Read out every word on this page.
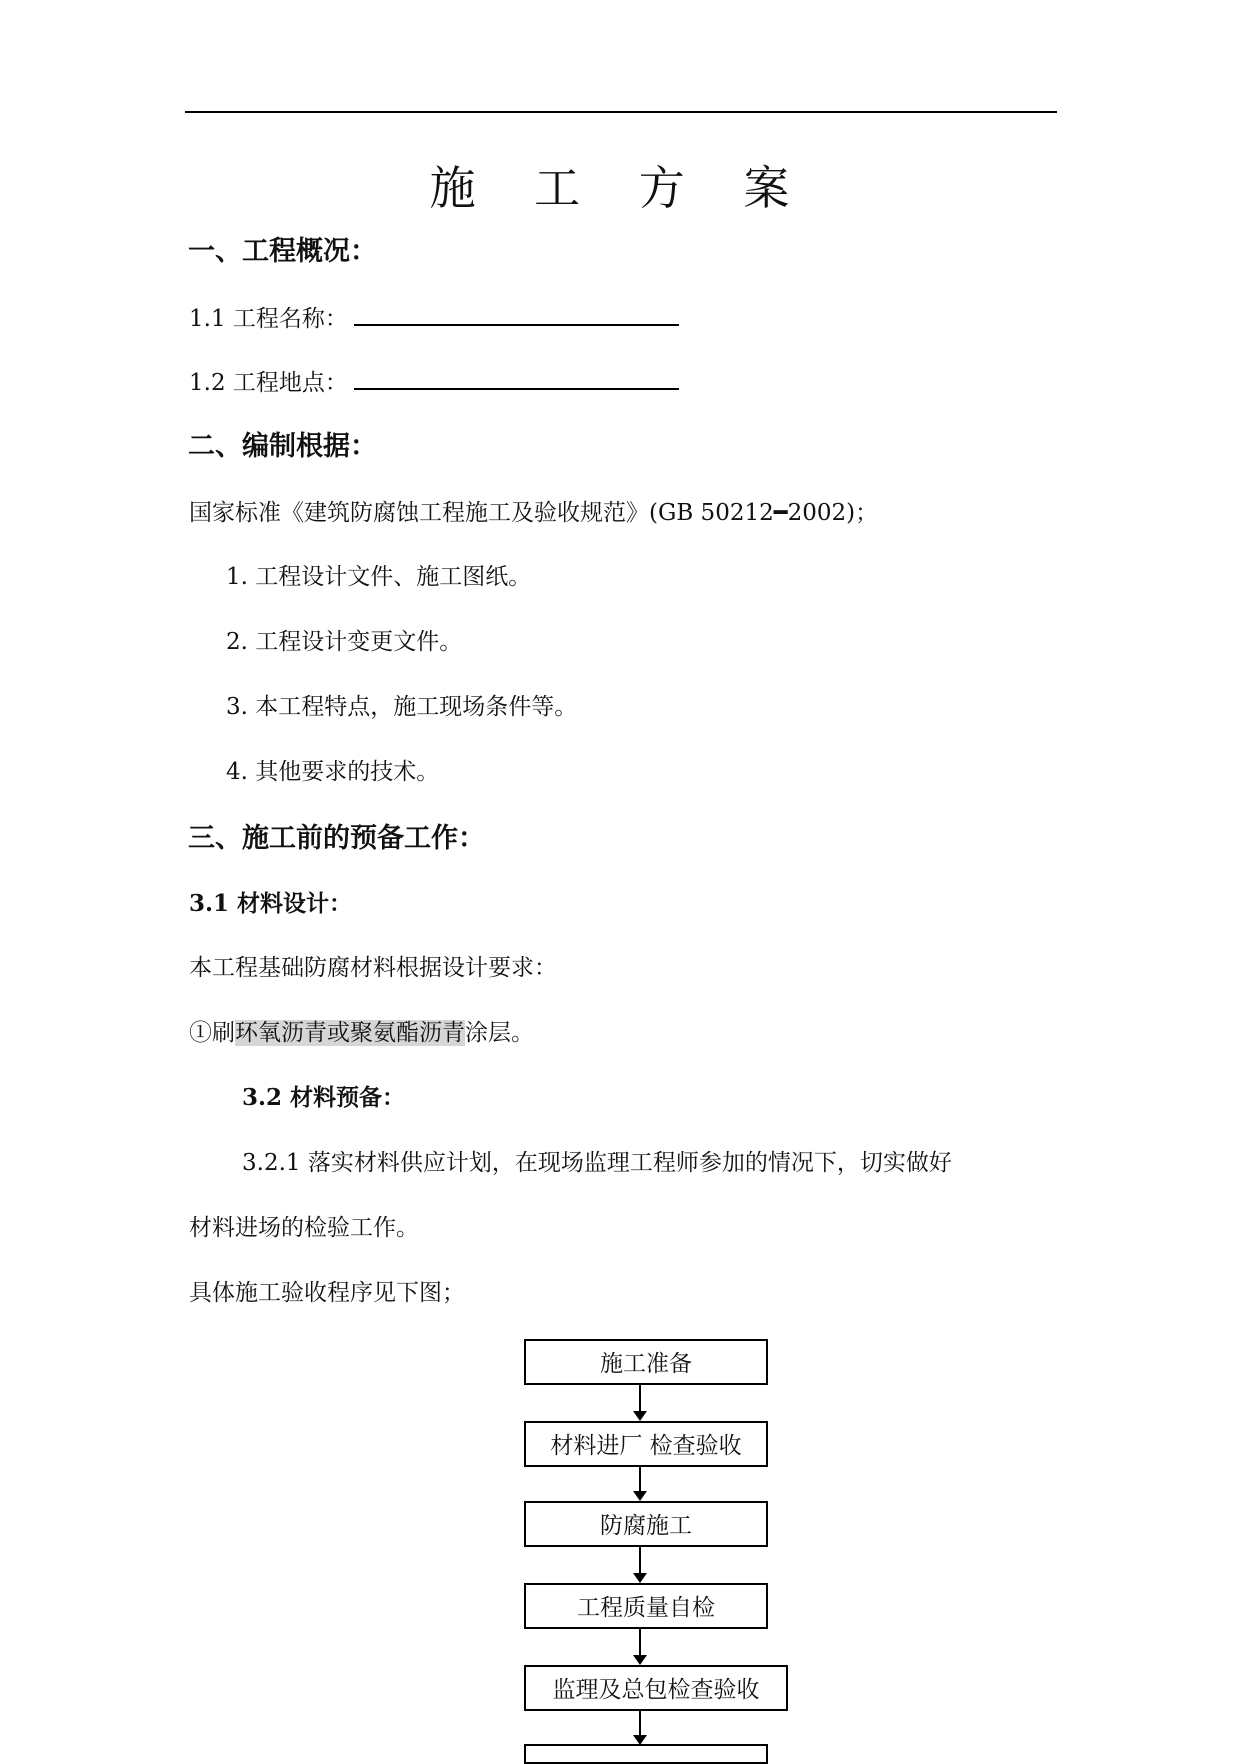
施 工 方 案
一、工程概况：
1.1 工程名称：
1.2 工程地点：
二、编制根据：
国家标准《建筑防腐蚀工程施工及验收规范》(GB 50212━2002)；
1. 工程设计文件、施工图纸。
2. 工程设计变更文件。
3. 本工程特点，施工现场条件等。
4. 其他要求的技术。
三、施工前的预备工作：
3.1 材料设计：
本工程基础防腐材料根据设计要求：
①刷环氧沥青或聚氨酯沥青涂层。
3.2 材料预备：
3.2.1 落实材料供应计划，在现场监理工程师参加的情况下，切实做好
材料进场的检验工作。
具体施工验收程序见下图；
施工准备
材料进厂 检查验收
防腐施工
工程质量自检
监理及总包检查验收
